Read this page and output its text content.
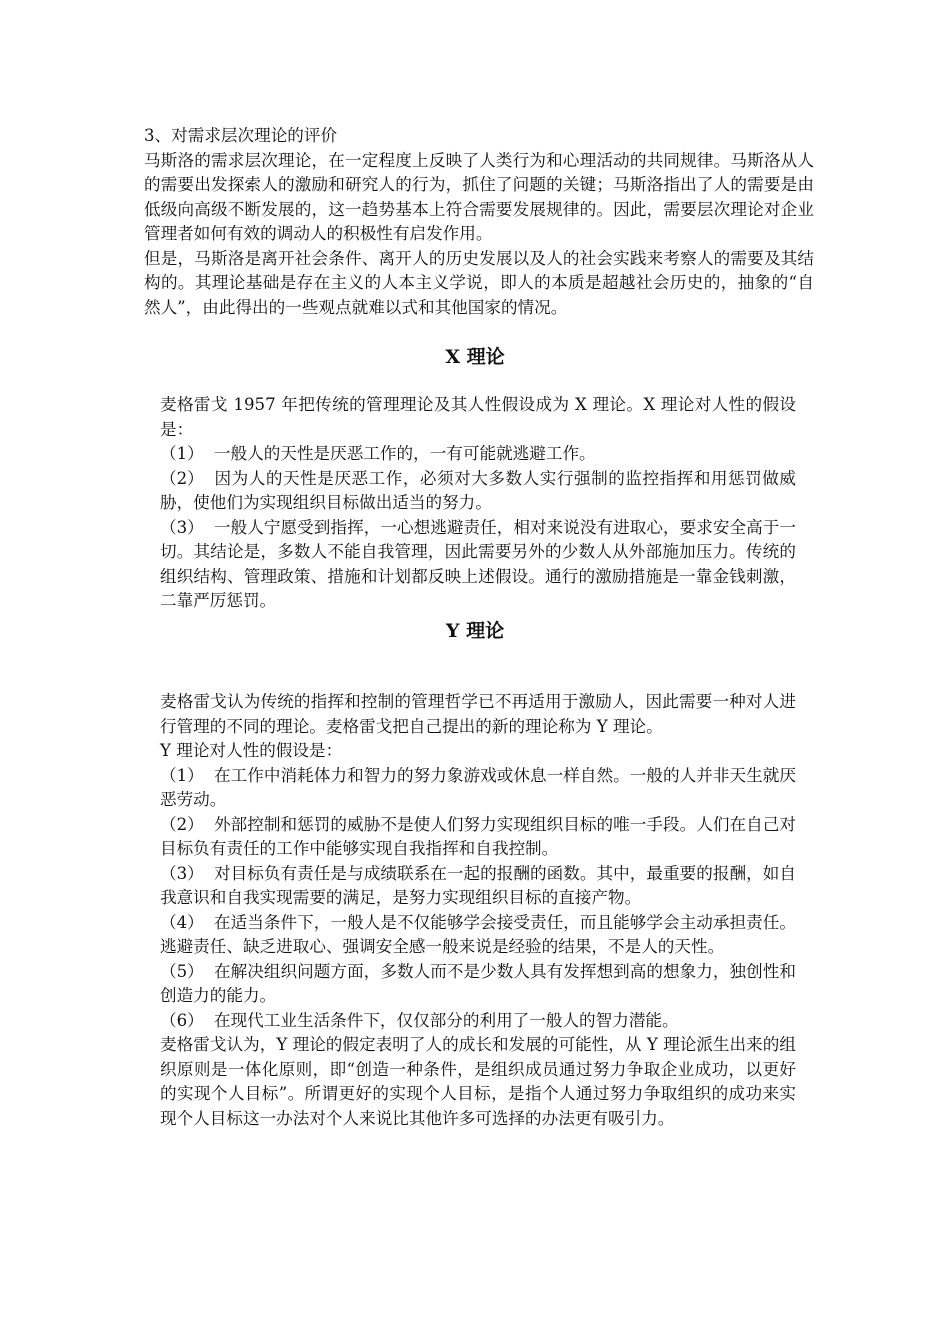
3、对需求层次理论的评价

马斯洛的需求层次理论，在一定程度上反映了人类行为和心理活动的共同规律。马斯洛从人的需要出发探索人的激励和研究人的行为，抓住了问题的关键；马斯洛指出了人的需要是由低级向高级不断发展的，这一趋势基本上符合需要发展规律的。因此，需要层次理论对企业管理者如何有效的调动人的积极性有启发作用。

但是，马斯洛是离开社会条件、离开人的历史发展以及人的社会实践来考察人的需要及其结构的。其理论基础是存在主义的人本主义学说，即人的本质是超越社会历史的，抽象的“自然人”，由此得出的一些观点就难以式和其他国家的情况。

X 理论

麦格雷戈 1957 年把传统的管理理论及其人性假设成为 X 理论。X 理论对人性的假设是：

（1） 一般人的天性是厌恶工作的，一有可能就逃避工作。

（2） 因为人的天性是厌恶工作，必须对大多数人实行强制的监控指挥和用惩罚做威胁，使他们为实现组织目标做出适当的努力。

（3） 一般人宁愿受到指挥，一心想逃避责任，相对来说没有进取心，要求安全高于一切。其结论是，多数人不能自我管理，因此需要另外的少数人从外部施加压力。传统的组织结构、管理政策、措施和计划都反映上述假设。通行的激励措施是一靠金钱刺激，二靠严厉惩罚。

Y 理论

麦格雷戈认为传统的指挥和控制的管理哲学已不再适用于激励人，因此需要一种对人进行管理的不同的理论。麦格雷戈把自己提出的新的理论称为 Y 理论。

Y 理论对人性的假设是：

（1） 在工作中消耗体力和智力的努力象游戏或休息一样自然。一般的人并非天生就厌恶劳动。

（2） 外部控制和惩罚的威胁不是使人们努力实现组织目标的唯一手段。人们在自己对目标负有责任的工作中能够实现自我指挥和自我控制。

（3） 对目标负有责任是与成绩联系在一起的报酬的函数。其中，最重要的报酬，如自我意识和自我实现需要的满足，是努力实现组织目标的直接产物。

（4） 在适当条件下，一般人是不仅能够学会接受责任，而且能够学会主动承担责任。逃避责任、缺乏进取心、强调安全感一般来说是经验的结果，不是人的天性。

（5） 在解决组织问题方面，多数人而不是少数人具有发挥想到高的想象力，独创性和创造力的能力。

（6） 在现代工业生活条件下，仅仅部分的利用了一般人的智力潜能。

麦格雷戈认为，Y 理论的假定表明了人的成长和发展的可能性，从 Y 理论派生出来的组织原则是一体化原则，即“创造一种条件，是组织成员通过努力争取企业成功，以更好的实现个人目标”。所谓更好的实现个人目标，是指个人通过努力争取组织的成功来实现个人目标这一办法对个人来说比其他许多可选择的办法更有吸引力。
